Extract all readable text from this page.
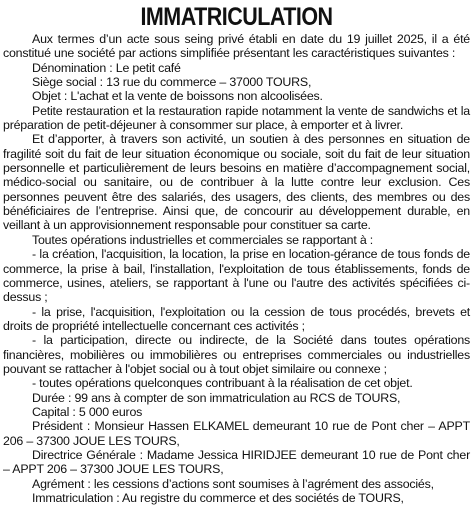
IMMATRICULATION

Aux termes d’un acte sous seing privé établi en date du 19 juillet 2025, il a été constitué une société par actions simplifiée présentant les caractéristiques suivantes :

Dénomination : Le petit café

Siège social : 13 rue du commerce – 37000 TOURS,

Objet : L'achat et la vente de boissons non alcoolisées.

Petite restauration et la restauration rapide notamment la vente de sandwichs et la préparation de petit-déjeuner à consommer sur place, à emporter et à livrer.

Et d’apporter, à travers son activité, un soutien à des personnes en situation de fragilité soit du fait de leur situation économique ou sociale, soit du fait de leur situation personnelle et particulièrement de leurs besoins en matière d’accompagnement social, médico-social ou sanitaire, ou de contribuer à la lutte contre leur exclusion. Ces personnes peuvent être des salariés, des usagers, des clients, des membres ou des bénéficiaires de l’entreprise. Ainsi que, de concourir au développement durable, en veillant à un approvisionnement responsable pour constituer sa carte.

Toutes opérations industrielles et commerciales se rapportant à :

- la création, l'acquisition, la location, la prise en location-gérance de tous fonds de commerce, la prise à bail, l'installation, l'exploitation de tous établissements, fonds de commerce, usines, ateliers, se rapportant à l'une ou l'autre des activités spécifiées ci-dessus ;

- la prise, l'acquisition, l'exploitation ou la cession de tous procédés, brevets et droits de propriété intellectuelle concernant ces activités ;

- la participation, directe ou indirecte, de la Société dans toutes opérations financières, mobilières ou immobilières ou entreprises commerciales ou industrielles pouvant se rattacher à l'objet social ou à tout objet similaire ou connexe ;

- toutes opérations quelconques contribuant à la réalisation de cet objet.

Durée : 99 ans à compter de son immatriculation au RCS de TOURS,

Capital : 5 000 euros

Président : Monsieur Hassen ELKAMEL demeurant 10 rue de Pont cher – APPT 206 – 37300 JOUE LES TOURS,

Directrice Générale : Madame Jessica HIRIDJEE demeurant 10 rue de Pont cher – APPT 206 – 37300 JOUE LES TOURS,

Agrément : les cessions d’actions sont soumises à l’agrément des associés,

Immatriculation : Au registre du commerce et des sociétés de TOURS,
